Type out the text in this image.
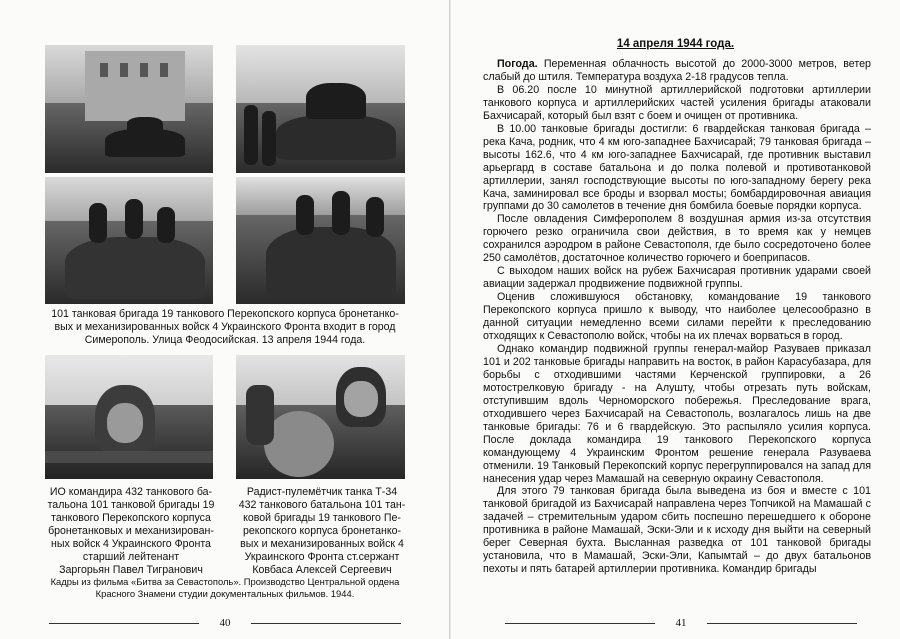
101 танковая бригада 19 танкового Перекопского корпуса бронетанко-вых и механизированных войск 4 Украинского Фронта входит в город Симерополь. Улица Феодосийская. 13 апреля 1944 года.
ИО командира 432 танкового ба-
тальона 101 танковой бригады 19
танкового Перекопского корпуса
бронетанковых и механизирован-
ных войск 4 Украинского Фронта
старший лейтенант
Заргорьян Павел Тигранович
Радист-пулемётчик танка Т-34
432 танкового батальона 101 тан-
ковой бригады 19 танкового Пе-
рекопского корпуса бронетанко-
вых и механизированных войск 4
Украинского Фронта ст.сержант
Ковбаса Алексей Сергеевич
Кадры из фильма «Битва за Севастополь». Производство Центральной ордена Красного Знамени студии документальных фильмов. 1944.
40
14 апреля 1944 года.

Погода. Переменная облачность высотой до 2000-3000 метров, ветер слабый до штиля. Температура воздуха 2-18 градусов тепла.

В 06.20 после 10 минутной артиллерийской подготовки артиллерии танкового корпуса и артиллерийских частей усиления бригады атаковали Бахчисарай, который был взят с боем и очищен от противника.

В 10.00 танковые бригады достигли: 6 гвардейская танковая бригада – река Кача, родник, что 4 км юго-западнее Бахчисарай; 79 танковая бригада – высоты 162.6, что 4 км юго-западнее Бахчисарай, где противник выставил арьергард в составе батальона и до полка полевой и противотанковой артиллерии, занял господствующие высоты по юго-западному берегу река Кача, заминировал все броды и взорвал мосты; бомбардировочная авиация группами до 30 самолетов в течение дня бомбила боевые порядки корпуса.

После овладения Симферополем 8 воздушная армия из-за отсутствия горючего резко ограничила свои действия, в то время как у немцев сохранился аэродром в районе Севастополя, где было сосредоточено более 250 самолётов, достаточное количество горючего и боеприпасов.

С выходом наших войск на рубеж Бахчисарая противник ударами своей авиации задержал продвижение подвижной группы.

Оценив сложившуюся обстановку, командование 19 танкового Перекопского корпуса пришло к выводу, что наиболее целесообразно в данной ситуации немедленно всеми силами перейти к преследованию отходящих к Севастополю войск, чтобы на их плечах ворваться в город.

Однако командир подвижной группы генерал-майор Разуваев приказал 101 и 202 танковые бригады направить на восток, в район Карасубазара, для борьбы с отходившими частями Керченской группировки, а 26 мотострелковую бригаду - на Алушту, чтобы отрезать путь войскам, отступившим вдоль Черноморского побережья. Преследование врага, отходившего через Бахчисарай на Севастополь, возлагалось лишь на две танковые бригады: 76 и 6 гвардейскую. Это распыляло усилия корпуса. После доклада командира 19 танкового Перекопского корпуса командующему 4 Украинским Фронтом решение генерала Разуваева отменили. 19 Танковый Перекопский корпус перегруппировался на запад для нанесения удар через Мамашай на северную окраину Севастополя.

Для этого 79 танковая бригада была выведена из боя и вместе с 101 танковой бригадой из Бахчисарай направлена через Топчикой на Мамашай с задачей – стремительным ударом сбить поспешно перешедшего к обороне противника в районе Мамашай, Эски-Эли и к исходу дня выйти на северный берег Северная бухта. Высланная разведка от 101 танковой бригады установила, что в Мамашай, Эски-Эли, Капымтай – до двух батальонов пехоты и пять батарей артиллерии противника. Командир бригады

41
